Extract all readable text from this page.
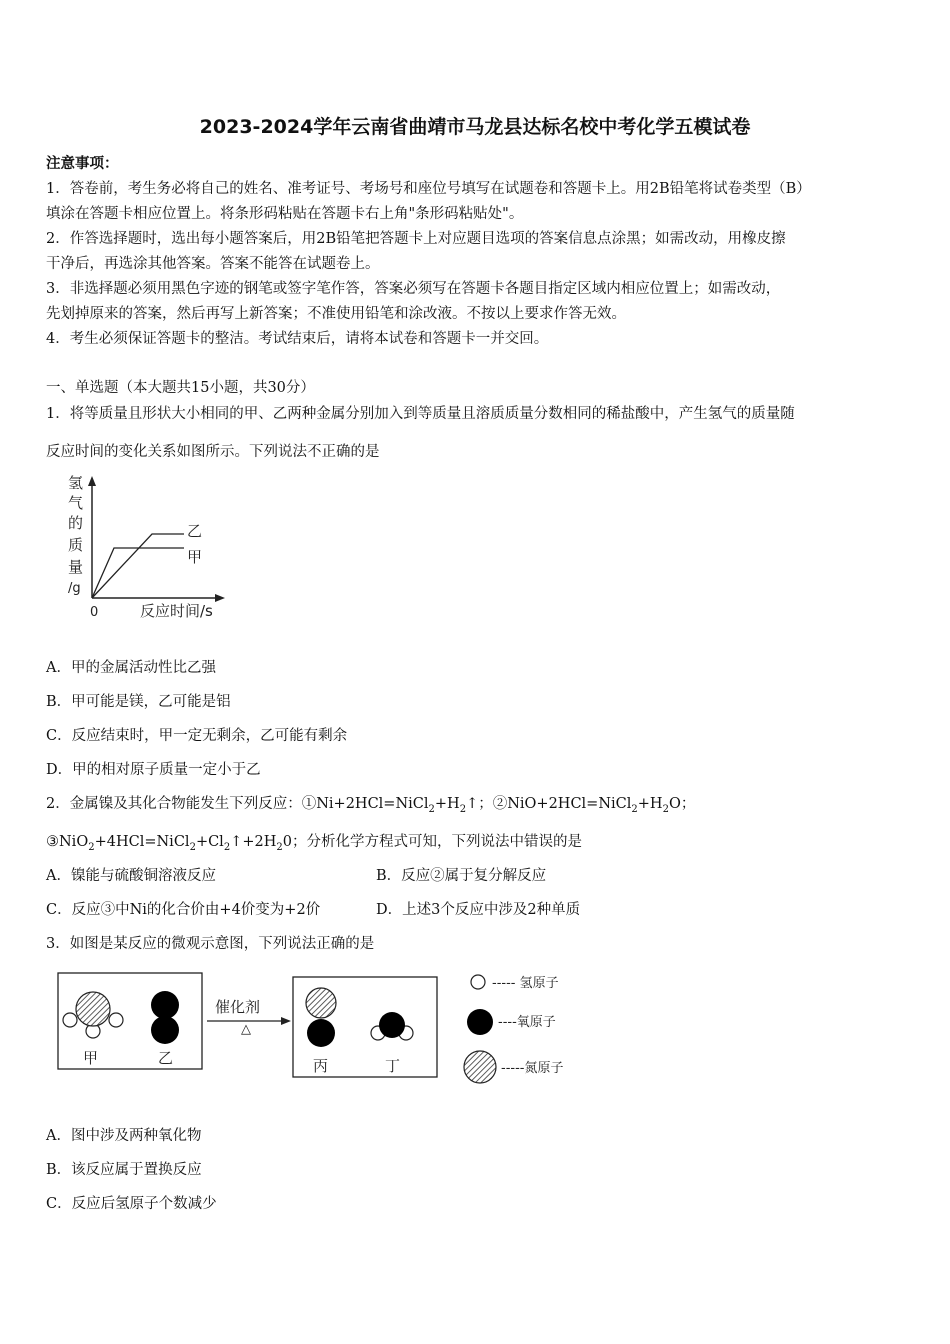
2023-2024学年云南省曲靖市马龙县达标名校中考化学五模试卷
注意事项：
1．答卷前，考生务必将自己的姓名、准考证号、考场号和座位号填写在试题卷和答题卡上。用2B铅笔将试卷类型（B）
填涂在答题卡相应位置上。将条形码粘贴在答题卡右上角"条形码粘贴处"。
2．作答选择题时，选出每小题答案后，用2B铅笔把答题卡上对应题目选项的答案信息点涂黑；如需改动，用橡皮擦
干净后，再选涂其他答案。答案不能答在试题卷上。
3．非选择题必须用黑色字迹的钢笔或签字笔作答，答案必须写在答题卡各题目指定区域内相应位置上；如需改动，
先划掉原来的答案，然后再写上新答案；不准使用铅笔和涂改液。不按以上要求作答无效。
4．考生必须保证答题卡的整洁。考试结束后，请将本试卷和答题卡一并交回。
一、单选题（本大题共15小题，共30分）
1．将等质量且形状大小相同的甲、乙两种金属分别加入到等质量且溶质质量分数相同的稀盐酸中，产生氢气的质量随
反应时间的变化关系如图所示。下列说法不正确的是
氢
气
的
质
量
/g
0	反应时间/s
乙
甲
A．甲的金属活动性比乙强
B．甲可能是镁，乙可能是铝
C．反应结束时，甲一定无剩余，乙可能有剩余
D．甲的相对原子质量一定小于乙
2．金属镍及其化合物能发生下列反应：$①Ni+2HCl=NiCl_2+H_2↑$；$②NiO+2HCl=NiCl_2+H_2O$；
$③NiO_2+4HCl=NiCl_2+Cl_2↑+2H_20$；分析化学方程式可知，下列说法中错误的是
A．镍能与硫酸铜溶液反应	B．反应②属于复分解反应
C．反应③中Ni的化合价由+4价变为+2价	D．上述3个反应中涉及2种单质
3．如图是某反应的微观示意图，下列说法正确的是
甲	乙
催化剂
△
丙	丁
----- 氢原子
----氧原子
-----氮原子
A．图中涉及两种氧化物
B．该反应属于置换反应
C．反应后氢原子个数减少
